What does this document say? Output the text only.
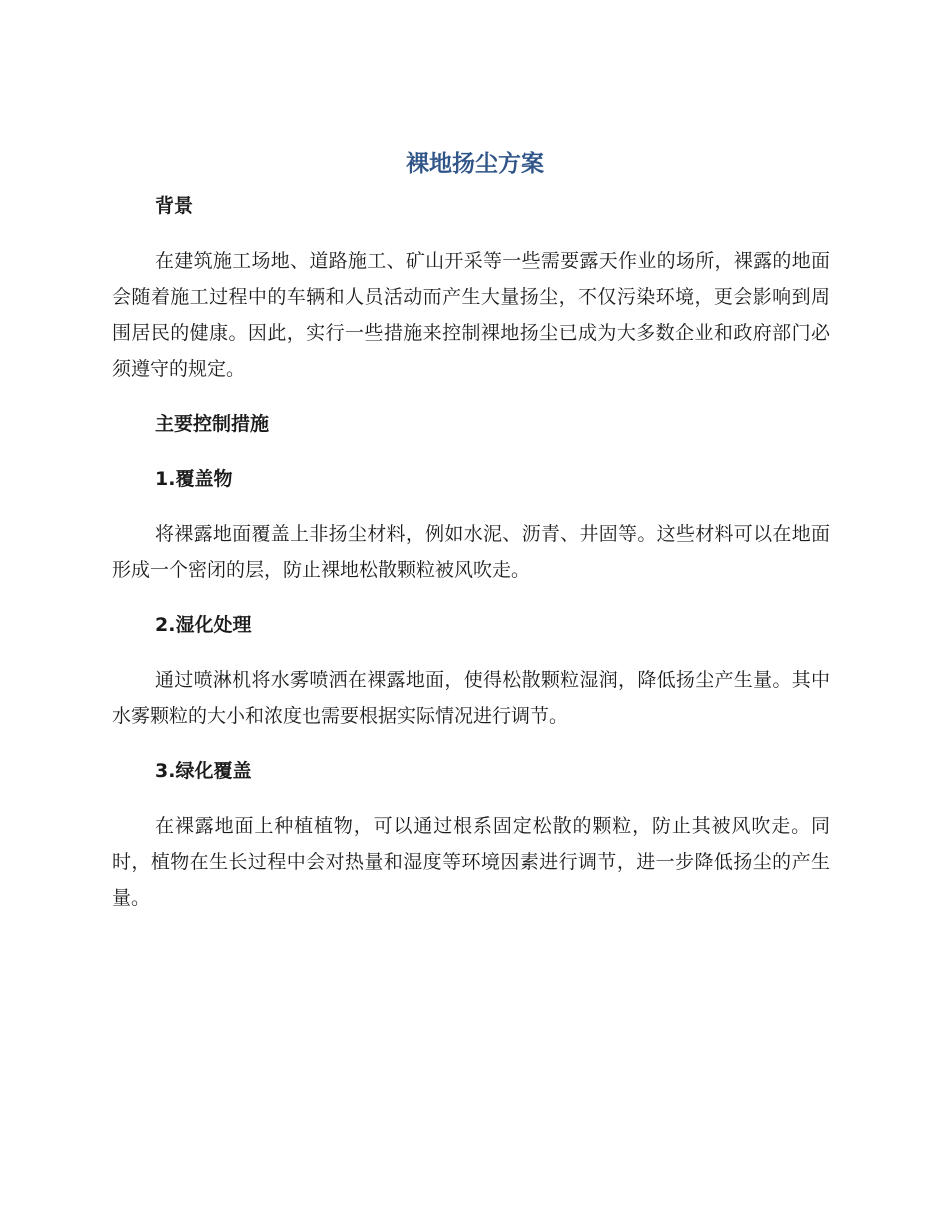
裸地扬尘方案
背景

在建筑施工场地、道路施工、矿山开采等一些需要露天作业的场所，裸露的地面会随着施工过程中的车辆和人员活动而产生大量扬尘，不仅污染环境，更会影响到周围居民的健康。因此，实行一些措施来控制裸地扬尘已成为大多数企业和政府部门必须遵守的规定。

主要控制措施
1.覆盖物

将裸露地面覆盖上非扬尘材料，例如水泥、沥青、井固等。这些材料可以在地面形成一个密闭的层，防止裸地松散颗粒被风吹走。

2.湿化处理

通过喷淋机将水雾喷洒在裸露地面，使得松散颗粒湿润，降低扬尘产生量。其中水雾颗粒的大小和浓度也需要根据实际情况进行调节。

3.绿化覆盖

在裸露地面上种植植物，可以通过根系固定松散的颗粒，防止其被风吹走。同时，植物在生长过程中会对热量和湿度等环境因素进行调节，进一步降低扬尘的产生量。
